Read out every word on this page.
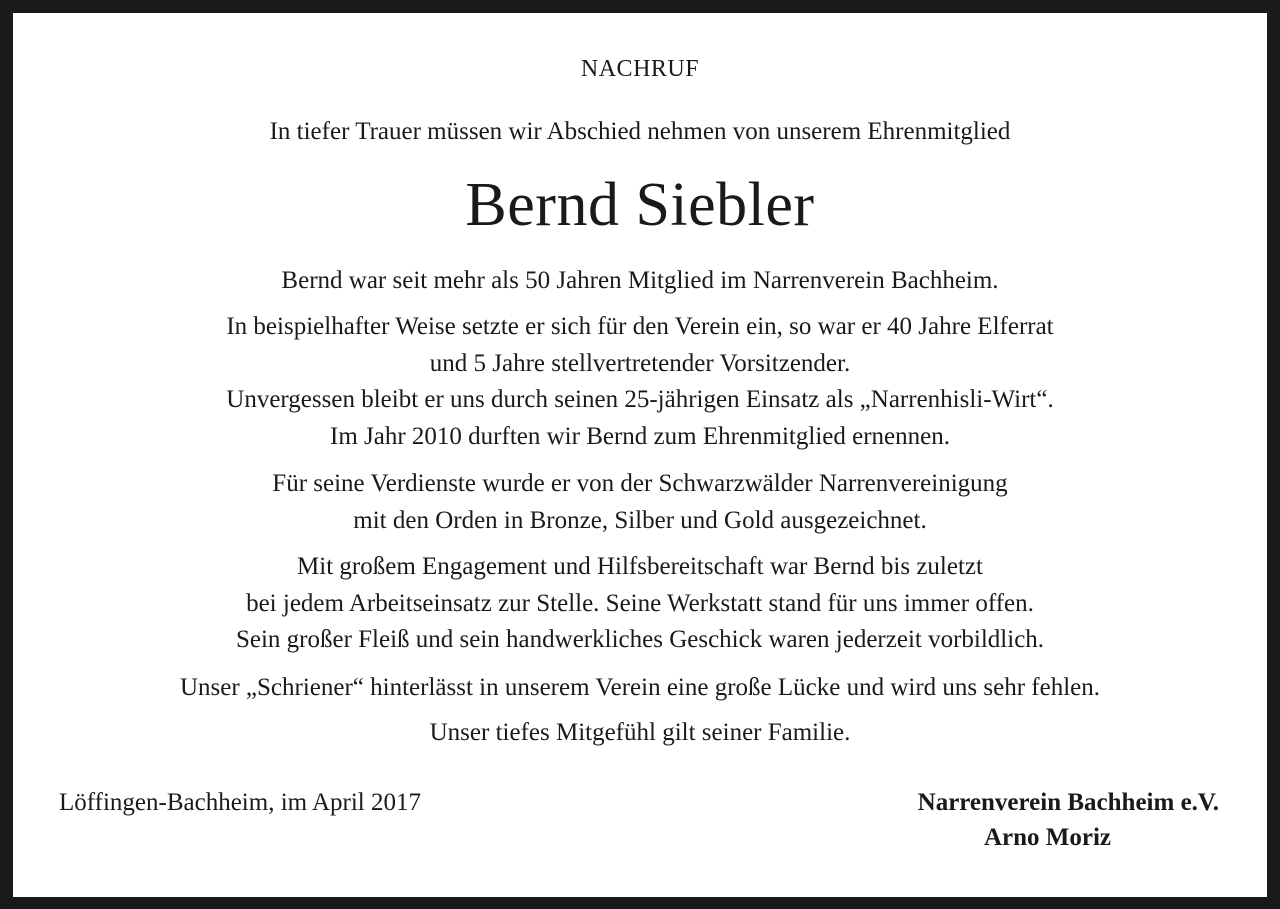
NACHRUF
In tiefer Trauer müssen wir Abschied nehmen von unserem Ehrenmitglied
Bernd Siebler
Bernd war seit mehr als 50 Jahren Mitglied im Narrenverein Bachheim.
In beispielhafter Weise setzte er sich für den Verein ein, so war er 40 Jahre Elferrat
und 5 Jahre stellvertretender Vorsitzender.
Unvergessen bleibt er uns durch seinen 25-jährigen Einsatz als „Narrenhisli-Wirt“.
Im Jahr 2010 durften wir Bernd zum Ehrenmitglied ernennen.
Für seine Verdienste wurde er von der Schwarzwälder Narrenvereinigung
mit den Orden in Bronze, Silber und Gold ausgezeichnet.
Mit großem Engagement und Hilfsbereitschaft war Bernd bis zuletzt
bei jedem Arbeitseinsatz zur Stelle. Seine Werkstatt stand für uns immer offen.
Sein großer Fleiß und sein handwerkliches Geschick waren jederzeit vorbildlich.
Unser „Schriener“ hinterlässt in unserem Verein eine große Lücke und wird uns sehr fehlen.
Unser tiefes Mitgefühl gilt seiner Familie.
Löffingen-Bachheim, im April 2017	Narrenverein Bachheim e.V.
Arno Moriz
